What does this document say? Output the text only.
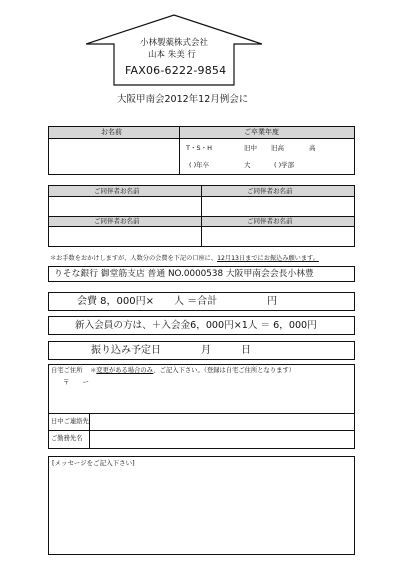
小林製薬株式会社
山本 朱美 行
FAX06-6222-9854
大阪甲南会2012年12月例会に
お名前	ご卒業年度
T・S・H
( )年卒
旧中 旧高	高
大	( )学部
ご同伴者お名前	ご同伴者お名前
ご同伴者お名前	ご同伴者お名前
＊お手数をおかけしますが、人数分の会費を下記の口座に、12月13日までにお振込み願います。
りそな銀行 御堂筋支店 普通 NO.0000538 大阪甲南会会長小林豊
会費 8，000円×　　人 ＝合計　　　　　円
新入会員の方は、＋入会金6，000円×1人 ＝ 6，000円
振り込み予定日　　　　月　　　日
自宅ご住所 ＊変更がある場合のみ、ご記入下さい。（登録は自宅ご住所となります）
〒　　ー
日中ご連絡先
ご勤務先名
[メッセージをご記入下さい]
